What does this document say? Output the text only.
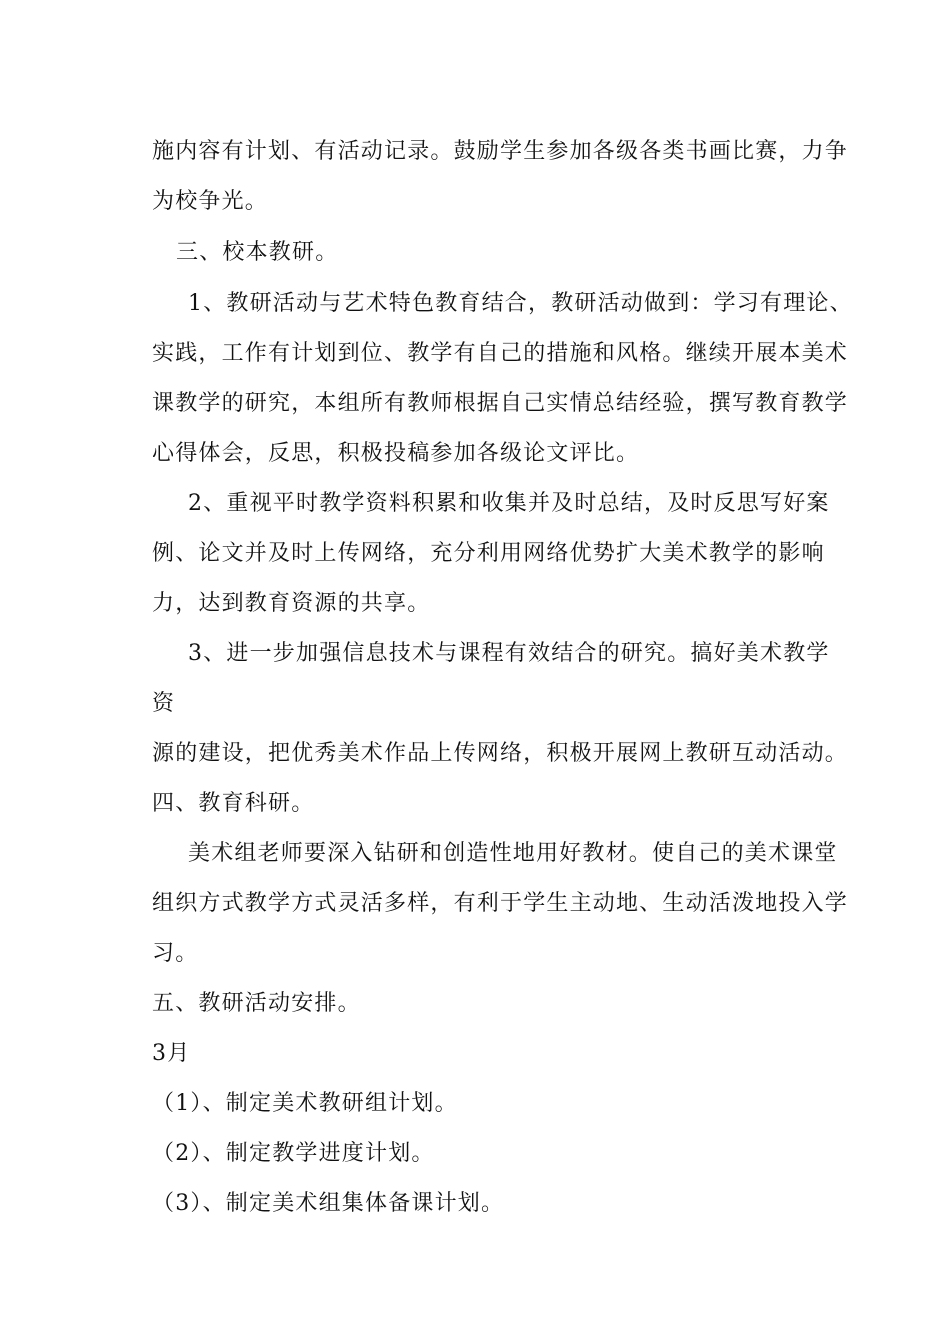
施内容有计划、有活动记录。鼓励学生参加各级各类书画比赛，力争
为校争光。
三、校本教研。
1、教研活动与艺术特色教育结合，教研活动做到：学习有理论、
实践，工作有计划到位、教学有自己的措施和风格。继续开展本美术
课教学的研究，本组所有教师根据自己实情总结经验，撰写教育教学
心得体会，反思，积极投稿参加各级论文评比。
2、重视平时教学资料积累和收集并及时总结，及时反思写好案
例、论文并及时上传网络，充分利用网络优势扩大美术教学的影响
力，达到教育资源的共享。
3、进一步加强信息技术与课程有效结合的研究。搞好美术教学
资
源的建设，把优秀美术作品上传网络，积极开展网上教研互动活动。
四、教育科研。
美术组老师要深入钻研和创造性地用好教材。使自己的美术课堂
组织方式教学方式灵活多样，有利于学生主动地、生动活泼地投入学
习。
五、教研活动安排。
3月
（1）、制定美术教研组计划。
（2）、制定教学进度计划。
（3）、制定美术组集体备课计划。
